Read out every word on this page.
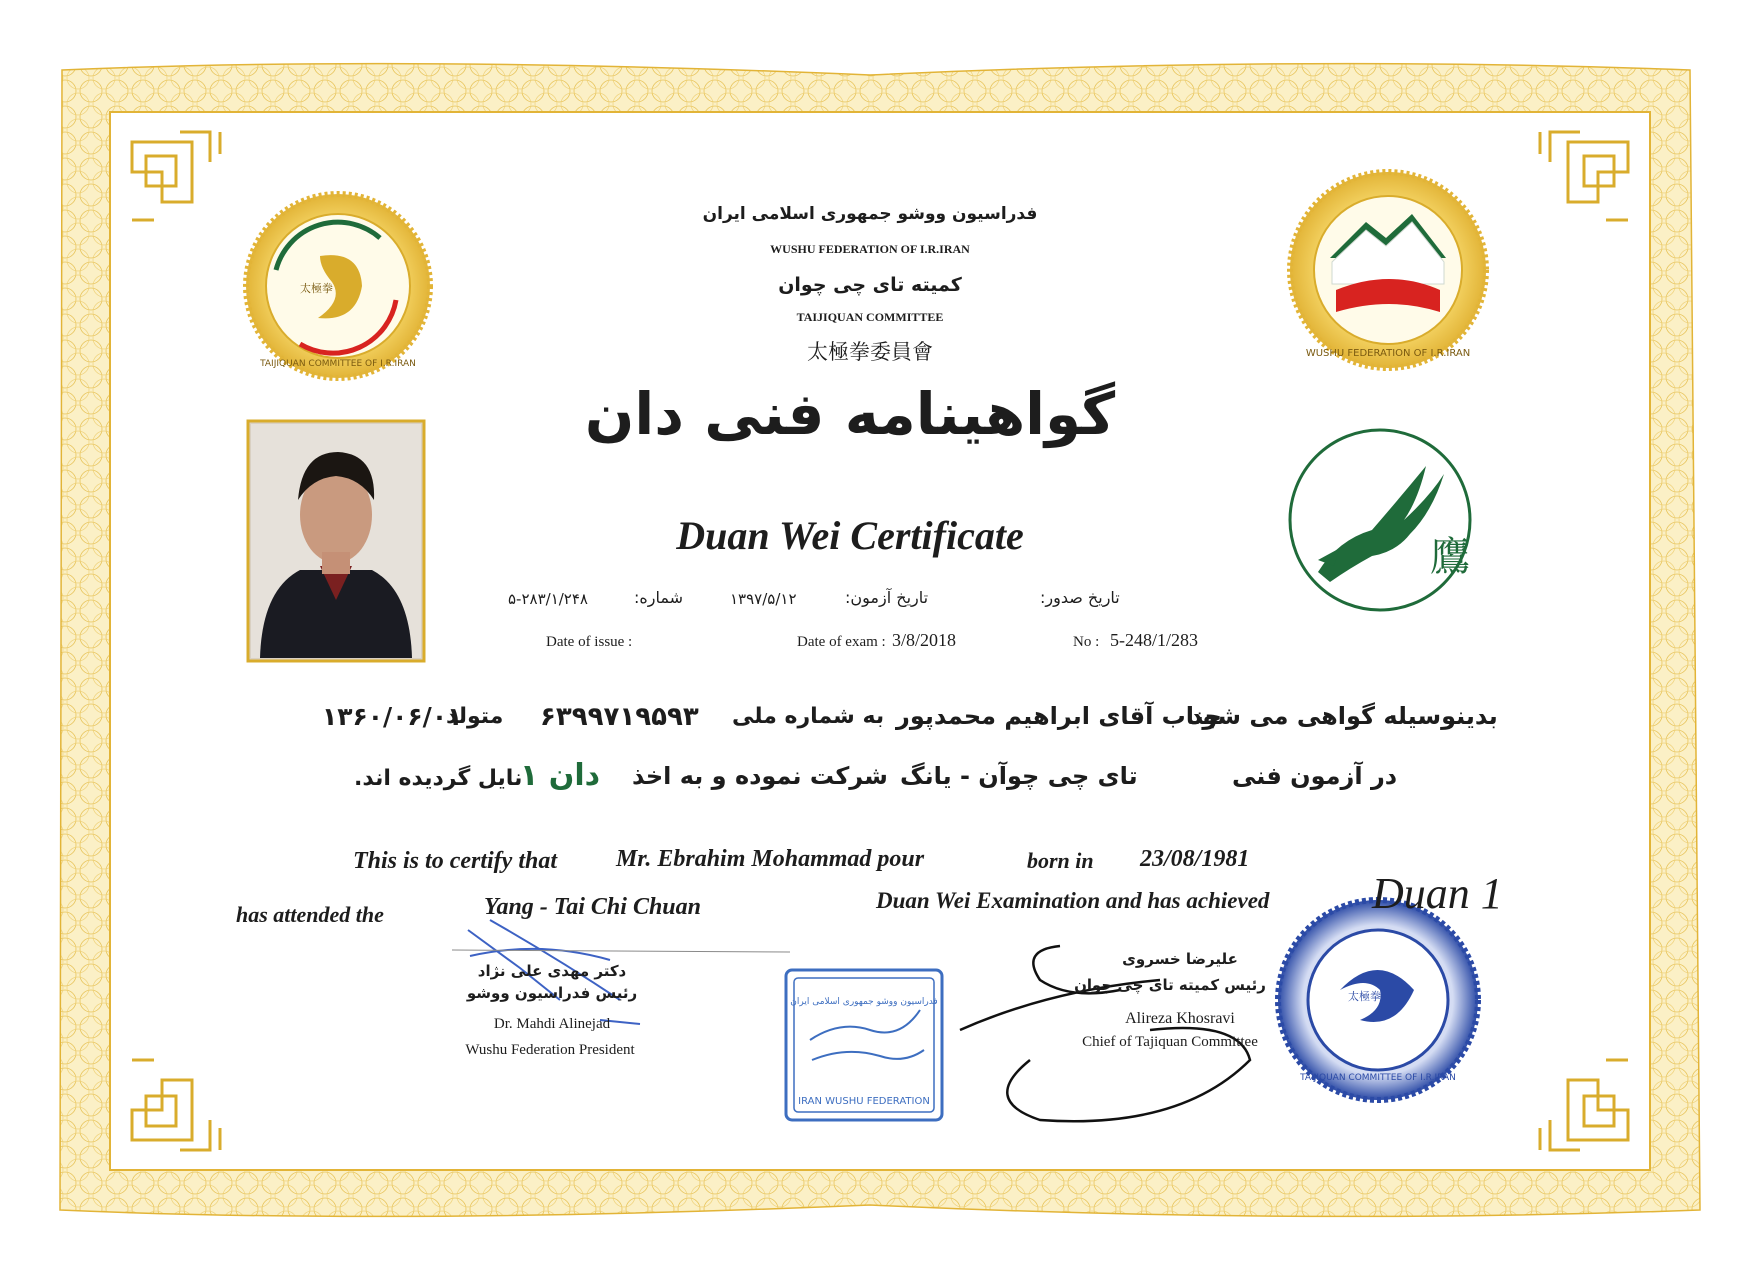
太極拳
TAIJIQUAN COMMITTEE OF I.R.IRAN
WUSHU FEDERATION OF I.R.IRAN
鷹
太極拳
TAIJIQUAN COMMITTEE OF I.R.IRAN
فدراسیون ووشو جمهوری اسلامی ایران
IRAN WUSHU FEDERATION
فدراسیون ووشو جمهوری اسلامی ایران
WUSHU FEDERATION OF I.R.IRAN
کمیته تای چی چوان
TAIJIQUAN COMMITTEE
太極拳委員會
گواهینامه فنی دان
Duan Wei Certificate
تاریخ صدور:
تاریخ آزمون:
۱۳۹۷/۵/۱۲
شماره:
۵-۲۸۳/۱/۲۴۸
Date of issue :	Date of exam : 3/8/2018	No : 5-248/1/283
بدینوسیله گواهی می شود
جناب آقای ابراهیم محمدپور
به شماره ملی
۶۳۹۹۷۱۹۵۹۳
متولد
۱۳۶۰/۰۶/۰۱
در آزمون فنی
تای چی چوآن - یانگ
شرکت نموده و به اخذ
دان ۱
نایل گردیده اند.
This is to certify that Mr. Ebrahim Mohammad pour	born in 23/08/1981
has attended the	Yang - Tai Chi Chuan	Duan Wei Examination and has achieved Duan 1
دکتر مهدی علی نژاد
رئیس فدراسیون ووشو
Dr. Mahdi Alinejad
Wushu Federation President
علیرضا خسروی
رئیس کمیته تای چی چوان
Alireza Khosravi
Chief of Tajiquan Committee
